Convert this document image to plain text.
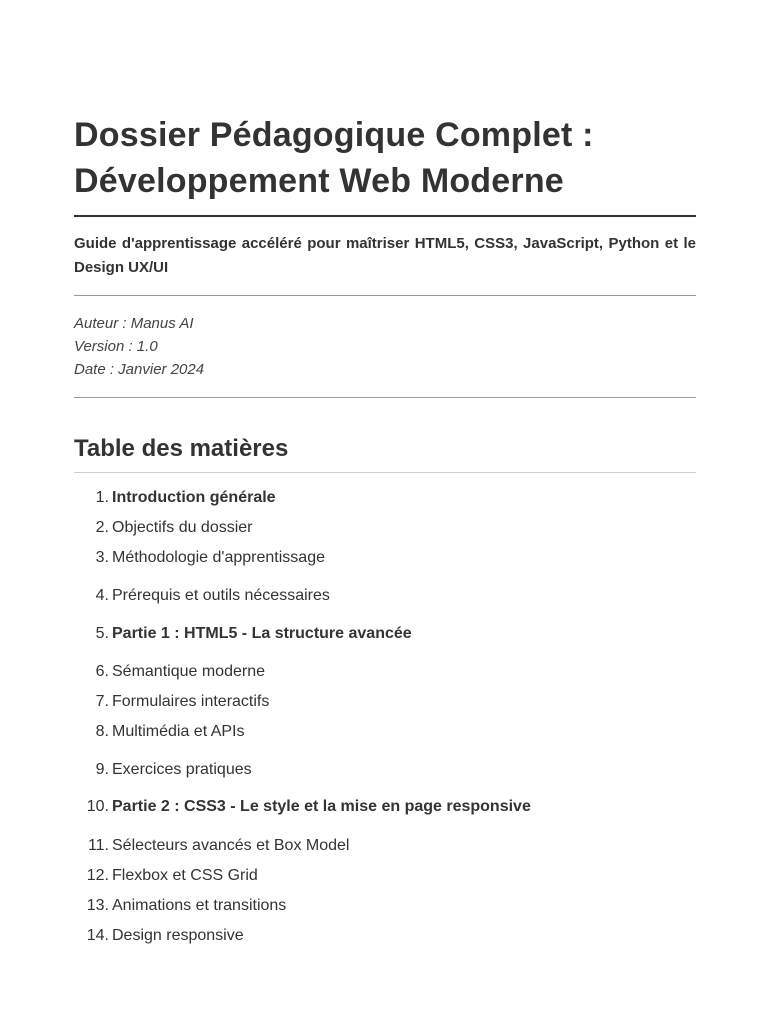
Dossier Pédagogique Complet : Développement Web Moderne
Guide d'apprentissage accéléré pour maîtriser HTML5, CSS3, JavaScript, Python et le Design UX/UI
Auteur : Manus AI
Version : 1.0
Date : Janvier 2024
Table des matières
1. Introduction générale
2. Objectifs du dossier
3. Méthodologie d'apprentissage
4. Prérequis et outils nécessaires
5. Partie 1 : HTML5 - La structure avancée
6. Sémantique moderne
7. Formulaires interactifs
8. Multimédia et APIs
9. Exercices pratiques
10. Partie 2 : CSS3 - Le style et la mise en page responsive
11. Sélecteurs avancés et Box Model
12. Flexbox et CSS Grid
13. Animations et transitions
14. Design responsive
